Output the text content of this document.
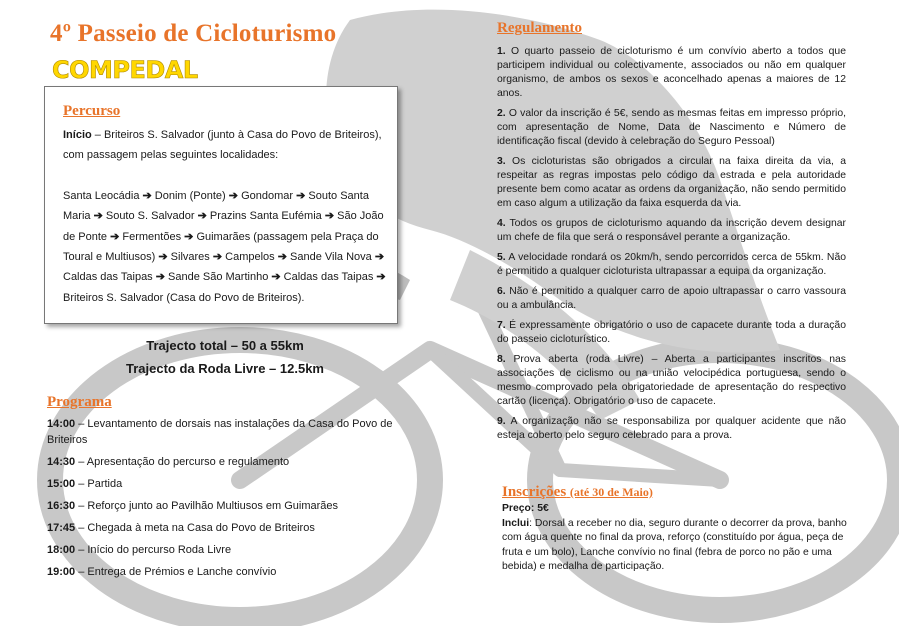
4º Passeio de Cicloturismo
COMPEDAL
Percurso

Início – Briteiros S. Salvador (junto à Casa do Povo de Briteiros), com passagem pelas seguintes localidades:

Santa Leocádia ➔ Donim (Ponte) ➔ Gondomar ➔ Souto Santa Maria ➔ Souto S. Salvador ➔ Prazins Santa Eufémia ➔ São João de Ponte ➔ Fermentões ➔ Guimarães (passagem pela Praça do Toural e Multiusos) ➔ Silvares ➔ Campelos ➔ Sande Vila Nova ➔ Caldas das Taipas ➔ Sande São Martinho ➔ Caldas das Taipas ➔ Briteiros S. Salvador (Casa do Povo de Briteiros).

Trajecto total – 50 a 55km
Trajecto da Roda Livre – 12.5km
Programa
14:00 – Levantamento de dorsais nas instalações da Casa do Povo de Briteiros
14:30 – Apresentação do percurso e regulamento
15:00 – Partida
16:30 – Reforço junto ao Pavilhão Multiusos em Guimarães
17:45 – Chegada à meta na Casa do Povo de Briteiros
18:00 – Início do percurso Roda Livre
19:00 – Entrega de Prémios e Lanche convívio
Regulamento
1. O quarto passeio de cicloturismo é um convívio aberto a todos que participem individual ou colectivamente, associados ou não em qualquer organismo, de ambos os sexos e aconcelhado apenas a maiores de 12 anos.
2. O valor da inscrição é 5€, sendo as mesmas feitas em impresso próprio, com apresentação de Nome, Data de Nascimento e Número de identificação fiscal (devido à celebração do Seguro Pessoal)
3. Os cicloturistas são obrigados a circular na faixa direita da via, a respeitar as regras impostas pelo código da estrada e pela autoridade presente bem como acatar as ordens da organização, não sendo permitido em caso algum a utilização da faixa esquerda da via.
4. Todos os grupos de cicloturismo aquando da inscrição devem designar um chefe de fila que será o responsável perante a organização.
5. A velocidade rondará os 20km/h, sendo percorridos cerca de 55km. Não é permitido a qualquer cicloturista ultrapassar a equipa da organização.
6. Não é permitido a qualquer carro de apoio ultrapassar o carro vassoura ou a ambulância.
7. É expressamente obrigatório o uso de capacete durante toda a duração do passeio cicloturístico.
8. Prova aberta (roda Livre) – Aberta a participantes inscritos nas associações de ciclismo ou na união velocipédica portuguesa, sendo o mesmo comprovado pela obrigatoriedade de apresentação do respectivo cartão (licença). Obrigatório o uso de capacete.
9. A organização não se responsabiliza por qualquer acidente que não esteja coberto pelo seguro celebrado para a prova.
Inscrições (até 30 de Maio)
Preço: 5€
Inclui: Dorsal a receber no dia, seguro durante o decorrer da prova, banho com água quente no final da prova, reforço (constituído por água, peça de fruta e um bolo), Lanche convívio no final (febra de porco no pão e uma bebida) e medalha de participação.
